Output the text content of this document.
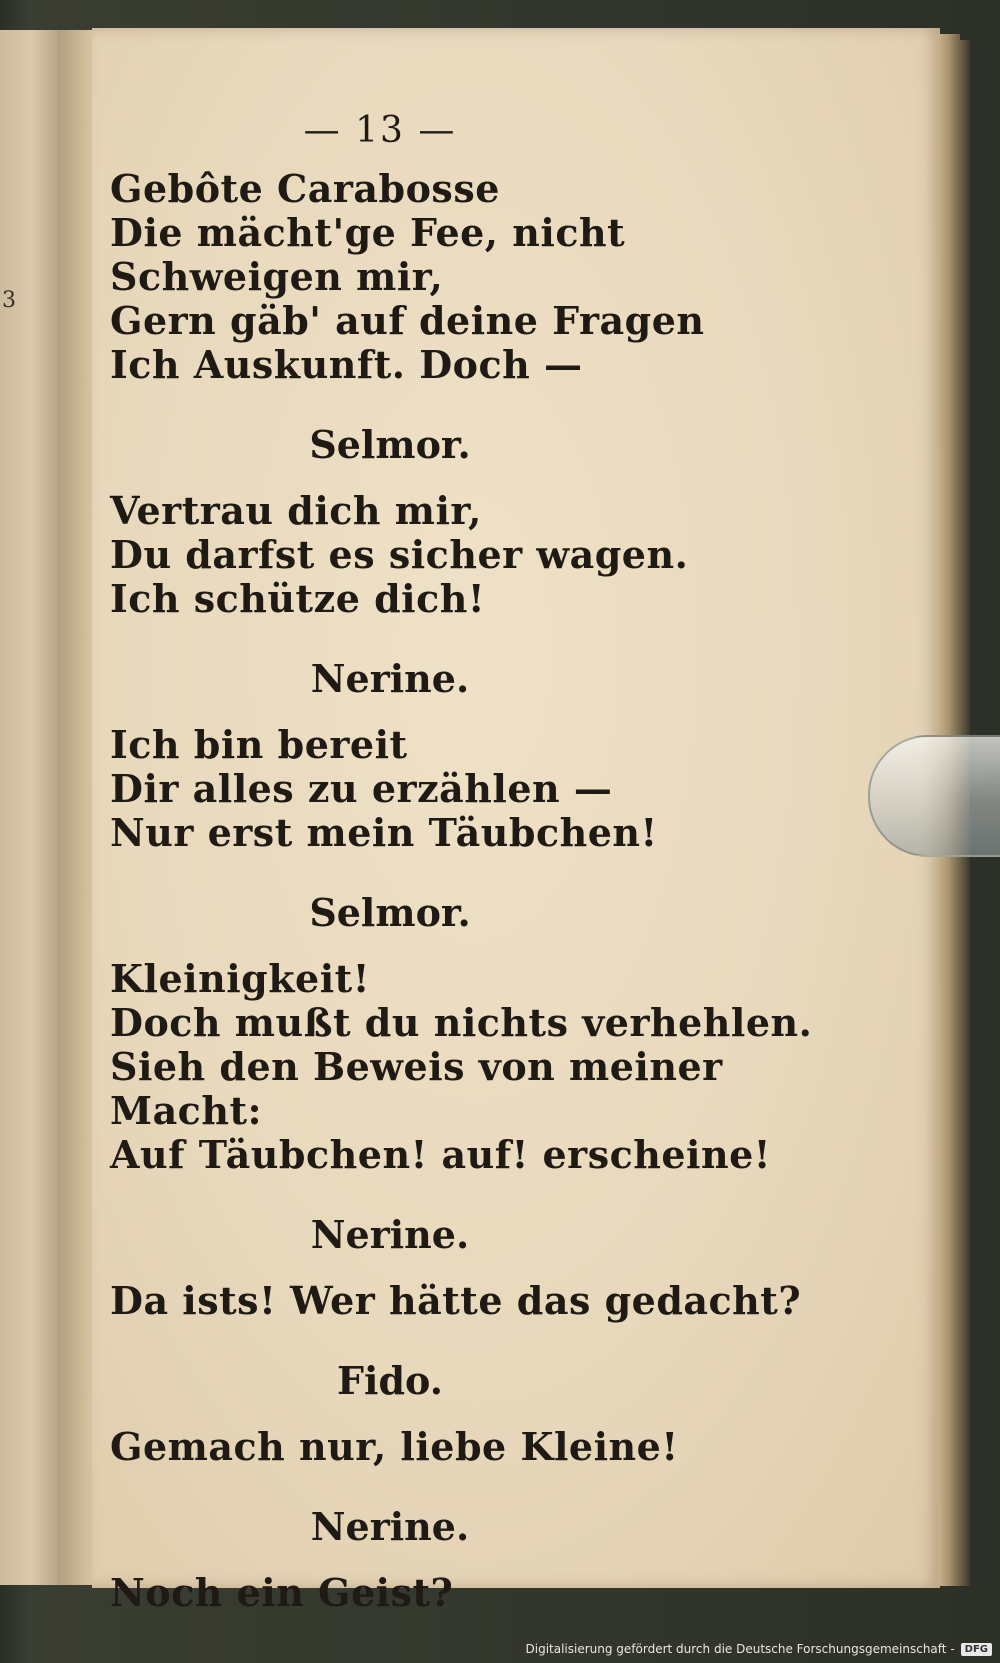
3
— 13 —

Gebôte Carabosse

Die mächt'ge Fee, nicht Schweigen mir,

Gern gäb' auf deine Fragen

Ich Auskunft. Doch —

Selmor.

Vertrau dich mir,

Du darfst es sicher wagen.

Ich schütze dich!

Nerine.

Ich bin bereit

Dir alles zu erzählen —

Nur erst mein Täubchen!

Selmor.

Kleinigkeit!

Doch mußt du nichts verhehlen.

Sieh den Beweis von meiner Macht:

Auf Täubchen! auf! erscheine!

Nerine.

Da ists! Wer hätte das gedacht?

Fido.

Gemach nur, liebe Kleine!

Nerine.

Noch ein Geist?

Digitalisierung gefördert durch die Deutsche Forschungsgemeinschaft -	DFG
